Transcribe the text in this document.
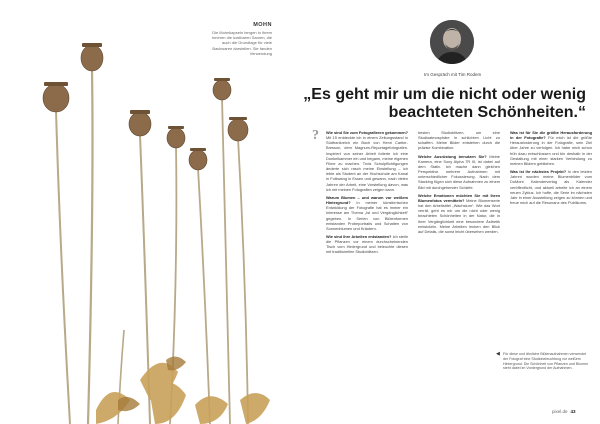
MOHN
Die Mohnkapseln bergen in ihrem Inneren die kostbaren Samen, die auch die Grundlage für viele Backwaren darstellen. Sie fanden Verwendung
Im Gespräch mit Tim Rodem
„Es geht mir um die nicht oder wenig beachteten Schönheiten.“
? Wie sind Sie zum Fotografieren gekommen? Mit 15 entdeckte ich in einem Zeitungsstand in Südfrankreich ein Buch von Henri Cartier-Bresson, dem Magnum-Reportagefotografen. Inspiriert von seiner Arbeit fotierte ich eine Dunkelkammer ein und begann, meine eigenen Filme zu machen. Trotz Schulpflichtigungen änderte sich rasch meine Einstellung – ich lebte als Student an der Hochschule am Kanal in Folkwang in Essen und gewann, nach vielen Jahren der Arbeit, eine Vorstellung davon, was ich mit meinen Fotografien zeigen kann.

Warum Blumen – und warum vor weißem Hintergrund? In meiner künstlerischen Entwicklung der Fotografie hat es immer ein Interesse am Thema „Ist und Vergänglichkeit“ gegeben. In Serien von Blütenformen entstanden Probeportraits und Schatten von Sonnenblumen und Kräutern.

Wie sind Ihre Arbeiten entstanden? Ich stelle die Pflanzen vor einem durchscheinenden Tisch vom Hintergrund und beleuchte diesen mit traditionellen Studioblitzen.

besten Studioblitzen, um eine Studioatmosphäre in schlichten Licht zu schaffen. Meine Bilder entstehen durch die präzise Kombination.

Welche Ausrüstung benutzen Sie? Meine Kamera, eine Sony Alpha 7R III, ist dabei auf dem Stativ. Ich mache dann gleichen Perspektive mehrere Aufnahmen mit unterschiedlicher Fokussierung. Nach dem Stacking fügen sich diese Aufnahmen zu einem Bild mit durchgehender Schärfe.

Welche Emotionen möchten Sie mit Ihren Blumenfotos vermitteln? Meine Blumenserie hat den Arbeitstitel „Wachstum“. Wie das Wort verrät, geht es mir um die nicht oder wenig beachteten Schönheiten in der Natur, die in ihrer Vergänglichkeit eine besondere Ästhetik entwickeln. Meine Arbeiten lenken den Blick auf Details, die sonst leicht übersehen werden.

Was ist für Sie die größte Herausforderung in der Fotografie? Für mich ist die größte Herausforderung in der Fotografie, sein Ziel über Jahre zu verfolgen. Ich habe mich schon früh dazu entschlossen und bin deshalb in der Gestaltung mit einer starken Verbindung zu meinen Bildern geblieben.

Was ist Ihr nächstes Projekt? In den letzten Jahren wurden meine Blumenbilder vom DuMont Kalenderverlag als Kalender veröffentlicht, und aktuell arbeite ich an einem neuen Zyklus. Ich hoffe, die Serie im nächsten Jahr in einer Ausstellung zeigen zu können und freue mich auf die Resonanz des Publikums.

◀ Für diese und ähnliche Blütenaufnahmen verwendet der Fotograf eine Studiobeleuchtung vor weißem Hintergrund. Die Schönheit von Pflanzen und Blumen steht dabei im Vordergrund der Aufnahmen.
pixel.de 43
